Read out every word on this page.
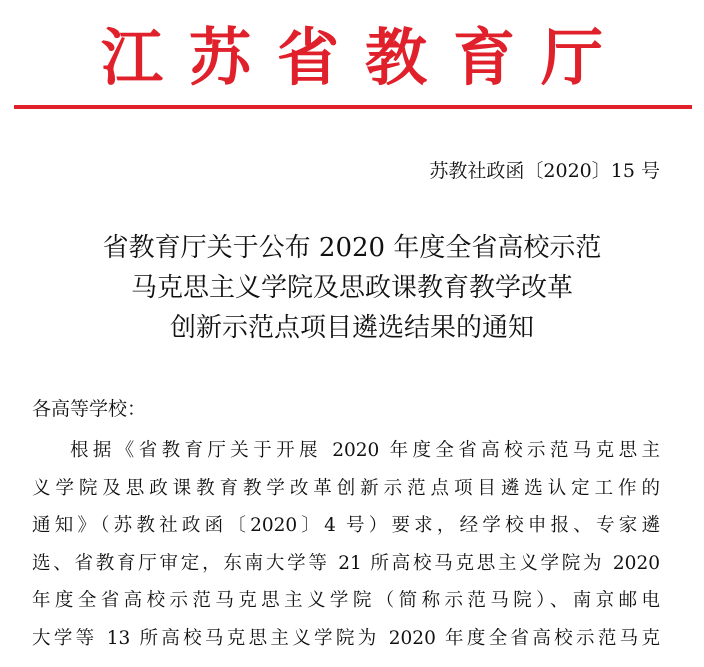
江苏省教育厅
苏教社政函〔2020〕15 号
省教育厅关于公布 2020 年度全省高校示范
马克思主义学院及思政课教育教学改革
创新示范点项目遴选结果的通知
各高等学校：
根据《省教育厅关于开展 2020 年度全省高校示范马克思主
义学院及思政课教育教学改革创新示范点项目遴选认定工作的
通知》（苏教社政函〔2020〕4 号）要求，经学校申报、专家遴
选、省教育厅审定，东南大学等 21 所高校马克思主义学院为 2020
年度全省高校示范马克思主义学院（简称示范马院）、南京邮电
大学等 13 所高校马克思主义学院为 2020 年度全省高校示范马克
